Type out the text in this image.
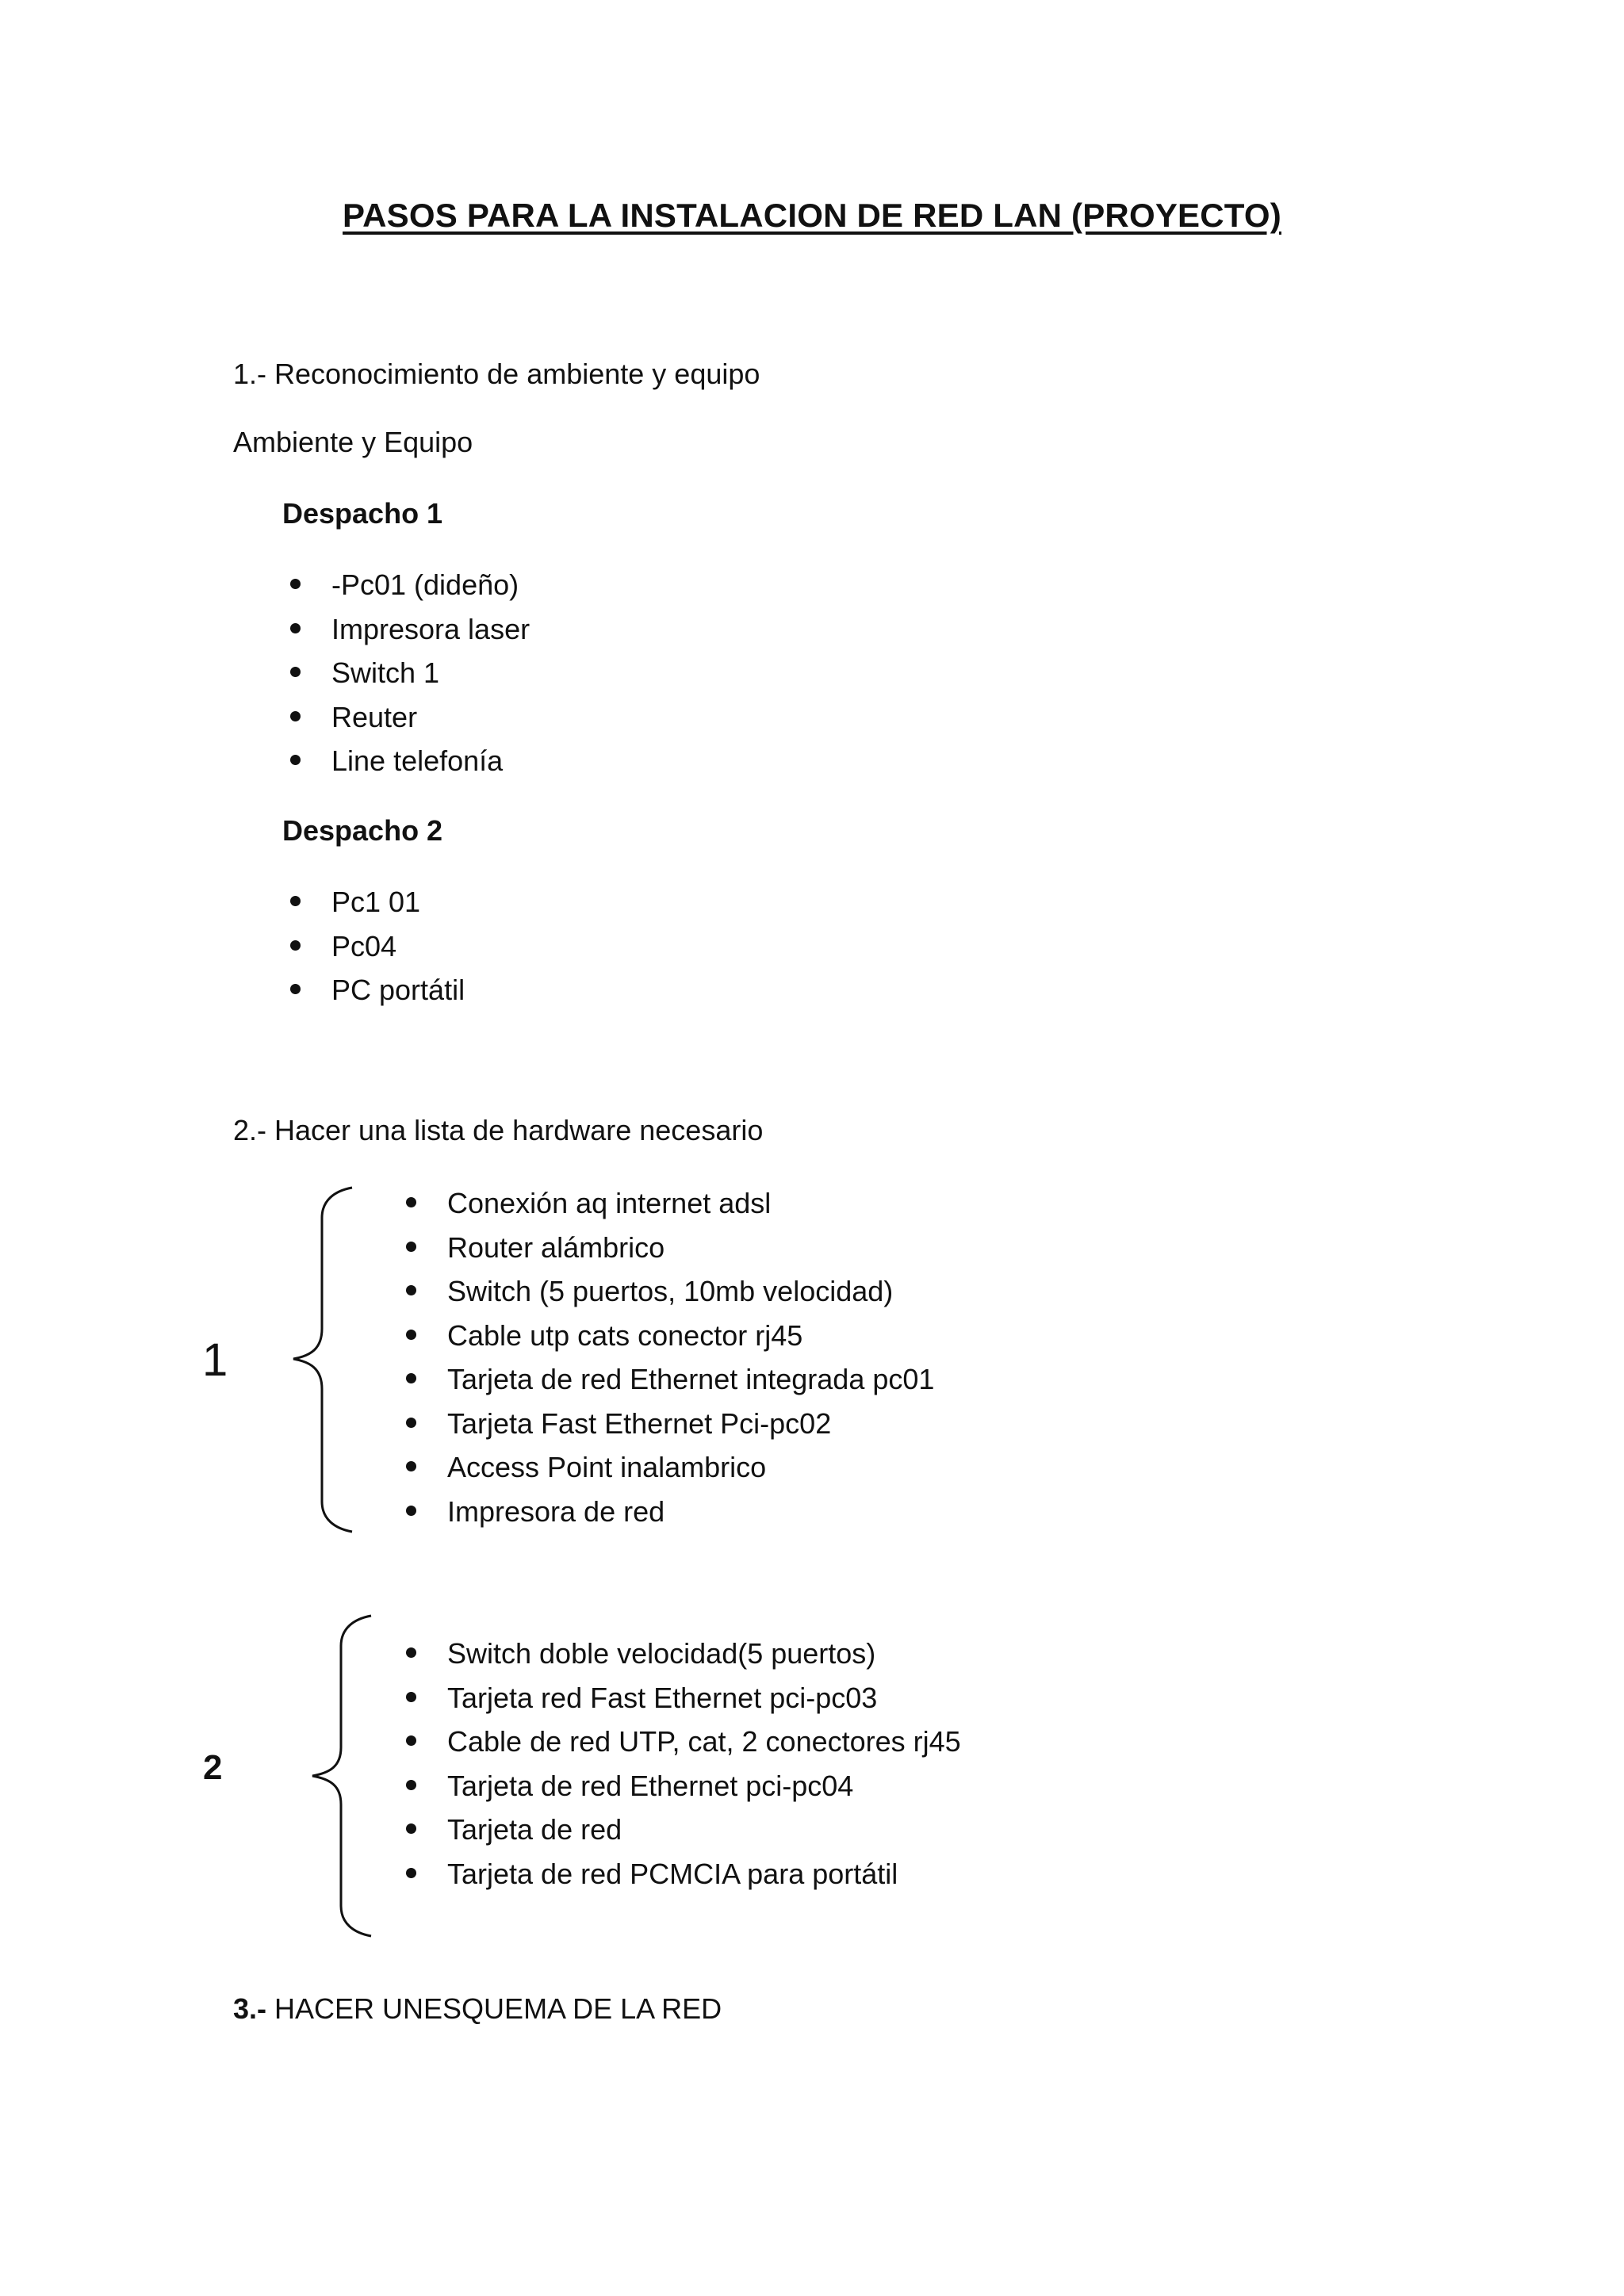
PASOS PARA LA INSTALACION DE RED LAN (PROYECTO)
1.- Reconocimiento de ambiente y equipo
Ambiente y Equipo
Despacho 1
-Pc01 (dideño)
Impresora laser
Switch 1
Reuter
Line telefonía
Despacho 2
Pc1 01
Pc04
PC portátil
2.- Hacer una lista de hardware necesario
1
Conexión aq internet adsl
Router alámbrico
Switch (5 puertos, 10mb velocidad)
Cable utp cats conector rj45
Tarjeta de red Ethernet integrada pc01
Tarjeta Fast Ethernet Pci-pc02
Access Point inalambrico
Impresora de red
2
Switch doble velocidad(5 puertos)
Tarjeta red Fast Ethernet pci-pc03
Cable de red UTP, cat, 2 conectores rj45
Tarjeta de red Ethernet pci-pc04
Tarjeta de red
Tarjeta de red PCMCIA para portátil
3.- HACER UNESQUEMA DE LA RED
